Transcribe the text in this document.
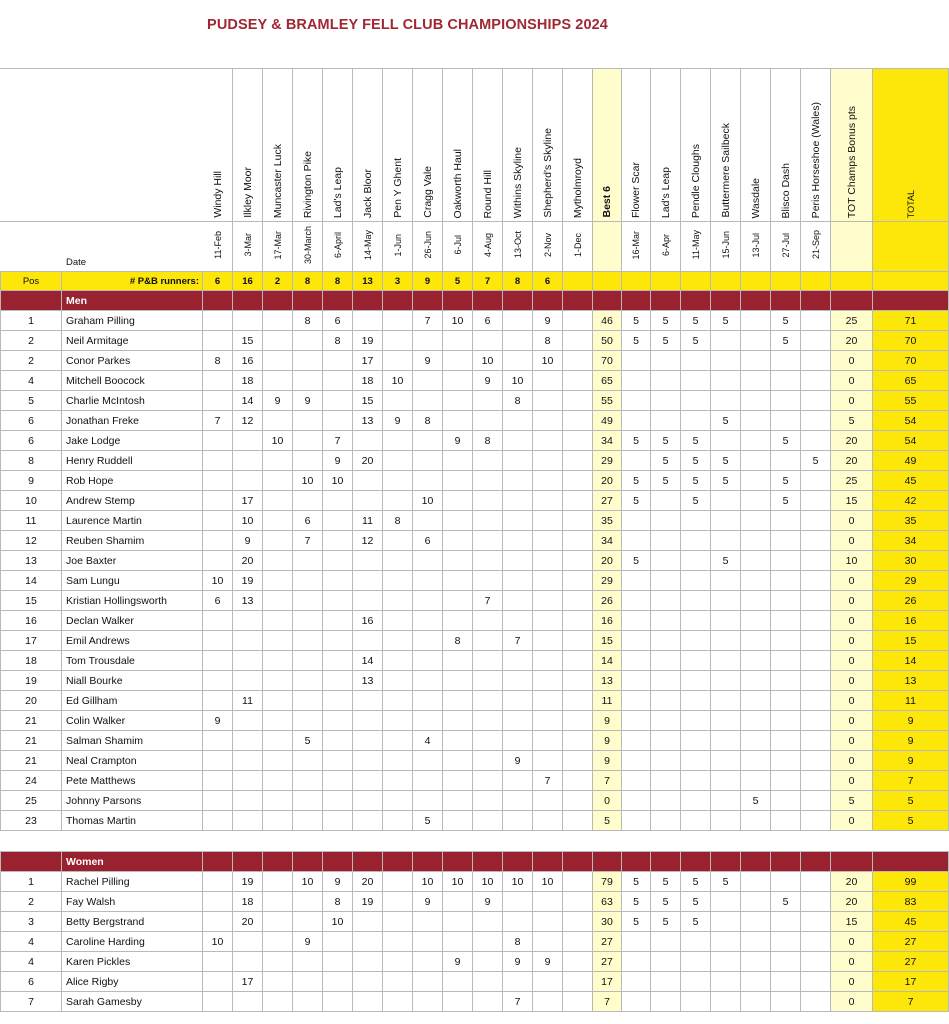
PUDSEY & BRAMLEY FELL CLUB CHAMPIONSHIPS 2024
		Windy Hill	Ilkley Moor	Muncaster Luck	Rivington Pike	Lad's Leap	Jack Bloor	Pen Y Ghent	Cragg Vale	Oakworth Haul	Round Hill	Withins Skyline	Shepherd's Skyline	Mytholmroyd	Best 6	Flower Scar	Lad's Leap	Pendle Cloughs	Buttermere Sailbeck	Wasdale	Blisco Dash	Peris Horseshoe (Wales)	TOT Champs Bonus pts	TOTAL
	Date	11-Feb	3-Mar	17-Mar	30-March	6-April	14-May	1-Jun	26-Jun	6-Jul	4-Aug	13-Oct	2-Nov	1-Dec		16-Mar	6-Apr	11-May	15-Jun	13-Jul	27-Jul	21-Sep		
Pos	# P&B runners:	6	16	2	8	8	13	3	9	5	7	8	6											
	Men																							
1	Graham Pilling				8	6			7	10	6		9		46	5	5	5	5		5		25	71
2	Neil Armitage		15			8	19						8		50	5	5	5			5		20	70
2	Conor Parkes	8	16				17		9		10		10		70								0	70
4	Mitchell Boocock		18				18	10			9	10			65								0	65
5	Charlie McIntosh		14	9	9		15					8			55								0	55
6	Jonathan Freke	7	12				13	9	8						49				5				5	54
6	Jake Lodge			10		7				9	8				34	5	5	5			5		20	54
8	Henry Ruddell					9	20								29		5	5	5			5	20	49
9	Rob Hope				10	10									20	5	5	5	5		5		25	45
10	Andrew Stemp		17						10						27	5		5			5		15	42
11	Laurence Martin		10		6		11	8							35								0	35
12	Reuben Shamim		9		7		12		6						34								0	34
13	Joe Baxter		20												20	5			5				10	30
14	Sam Lungu	10	19												29								0	29
15	Kristian Hollingsworth	6	13								7				26								0	26
16	Declan Walker						16								16								0	16
17	Emil Andrews									8		7			15								0	15
18	Tom Trousdale						14								14								0	14
19	Niall Bourke						13								13								0	13
20	Ed Gillham		11												11								0	11
21	Colin Walker	9													9								0	9
21	Salman Shamim				5				4						9								0	9
21	Neal Crampton											9			9								0	9
24	Pete Matthews												7		7								0	7
25	Johnny Parsons														0					5			5	5
23	Thomas Martin								5						5								0	5

	Women																							
1	Rachel Pilling		19		10	9	20		10	10	10	10	10		79	5	5	5	5				20	99
2	Fay Walsh		18			8	19		9		9				63	5	5	5			5		20	83
3	Betty Bergstrand		20			10									30	5	5	5					15	45
4	Caroline Harding	10			9							8			27								0	27
4	Karen Pickles									9		9	9		27								0	27
6	Alice Rigby		17												17								0	17
7	Sarah Gamesby											7			7								0	7
